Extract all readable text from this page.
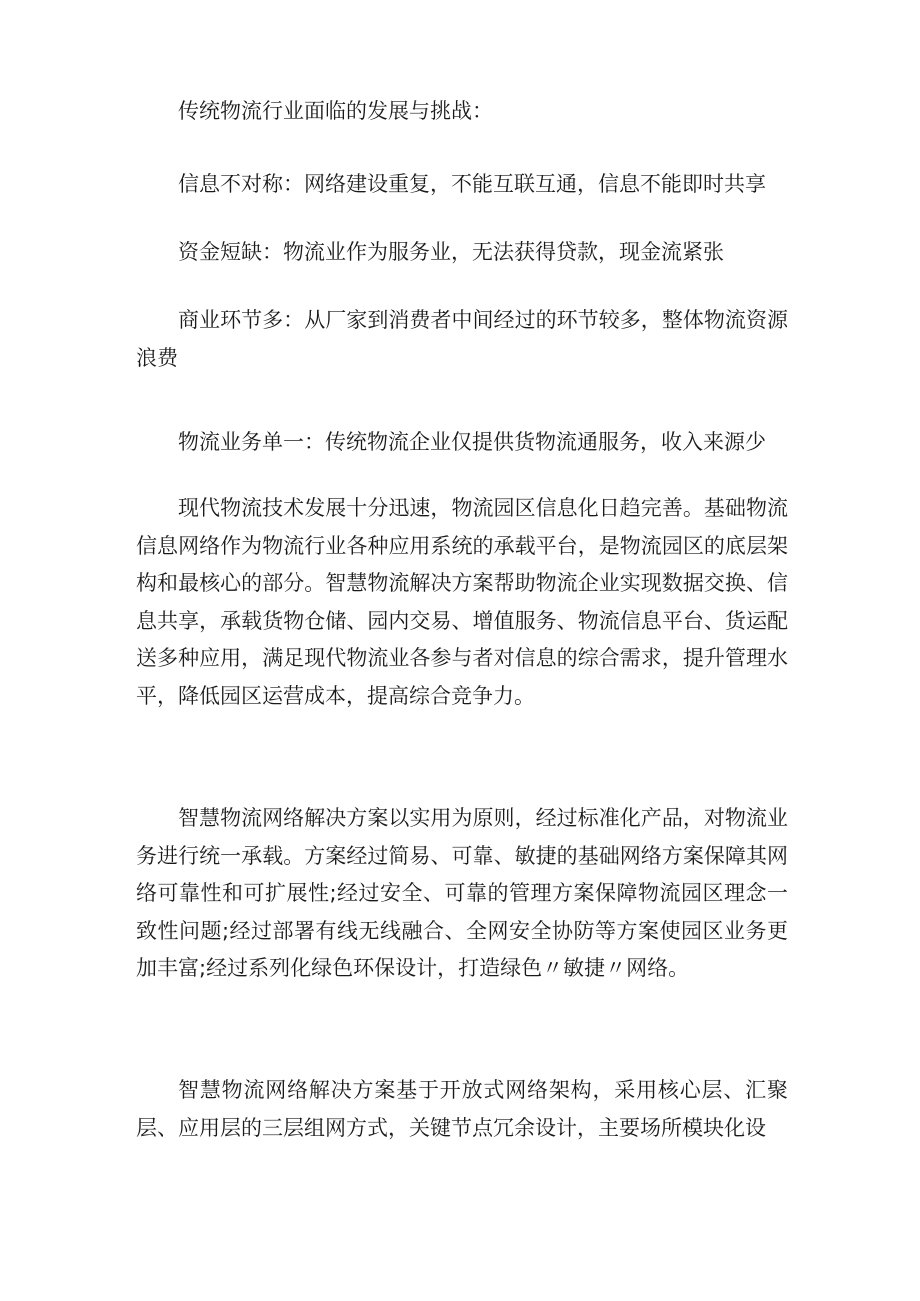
传统物流行业面临的发展与挑战：

信息不对称：网络建设重复，不能互联互通，信息不能即时共享

资金短缺：物流业作为服务业，无法获得贷款，现金流紧张

商业环节多：从厂家到消费者中间经过的环节较多，整体物流资源浪费

物流业务单一：传统物流企业仅提供货物流通服务，收入来源少

现代物流技术发展十分迅速，物流园区信息化日趋完善。基础物流信息网络作为物流行业各种应用系统的承载平台，是物流园区的底层架构和最核心的部分。智慧物流解决方案帮助物流企业实现数据交换、信息共享，承载货物仓储、园内交易、增值服务、物流信息平台、货运配送多种应用，满足现代物流业各参与者对信息的综合需求，提升管理水平，降低园区运营成本，提高综合竞争力。

智慧物流网络解决方案以实用为原则，经过标准化产品，对物流业务进行统一承载。方案经过简易、可靠、敏捷的基础网络方案保障其网络可靠性和可扩展性;经过安全、可靠的管理方案保障物流园区理念一致性问题;经过部署有线无线融合、全网安全协防等方案使园区业务更加丰富;经过系列化绿色环保设计，打造绿色〃敏捷〃网络。

智慧物流网络解决方案基于开放式网络架构，采用核心层、汇聚层、应用层的三层组网方式，关键节点冗余设计，主要场所模块化设
